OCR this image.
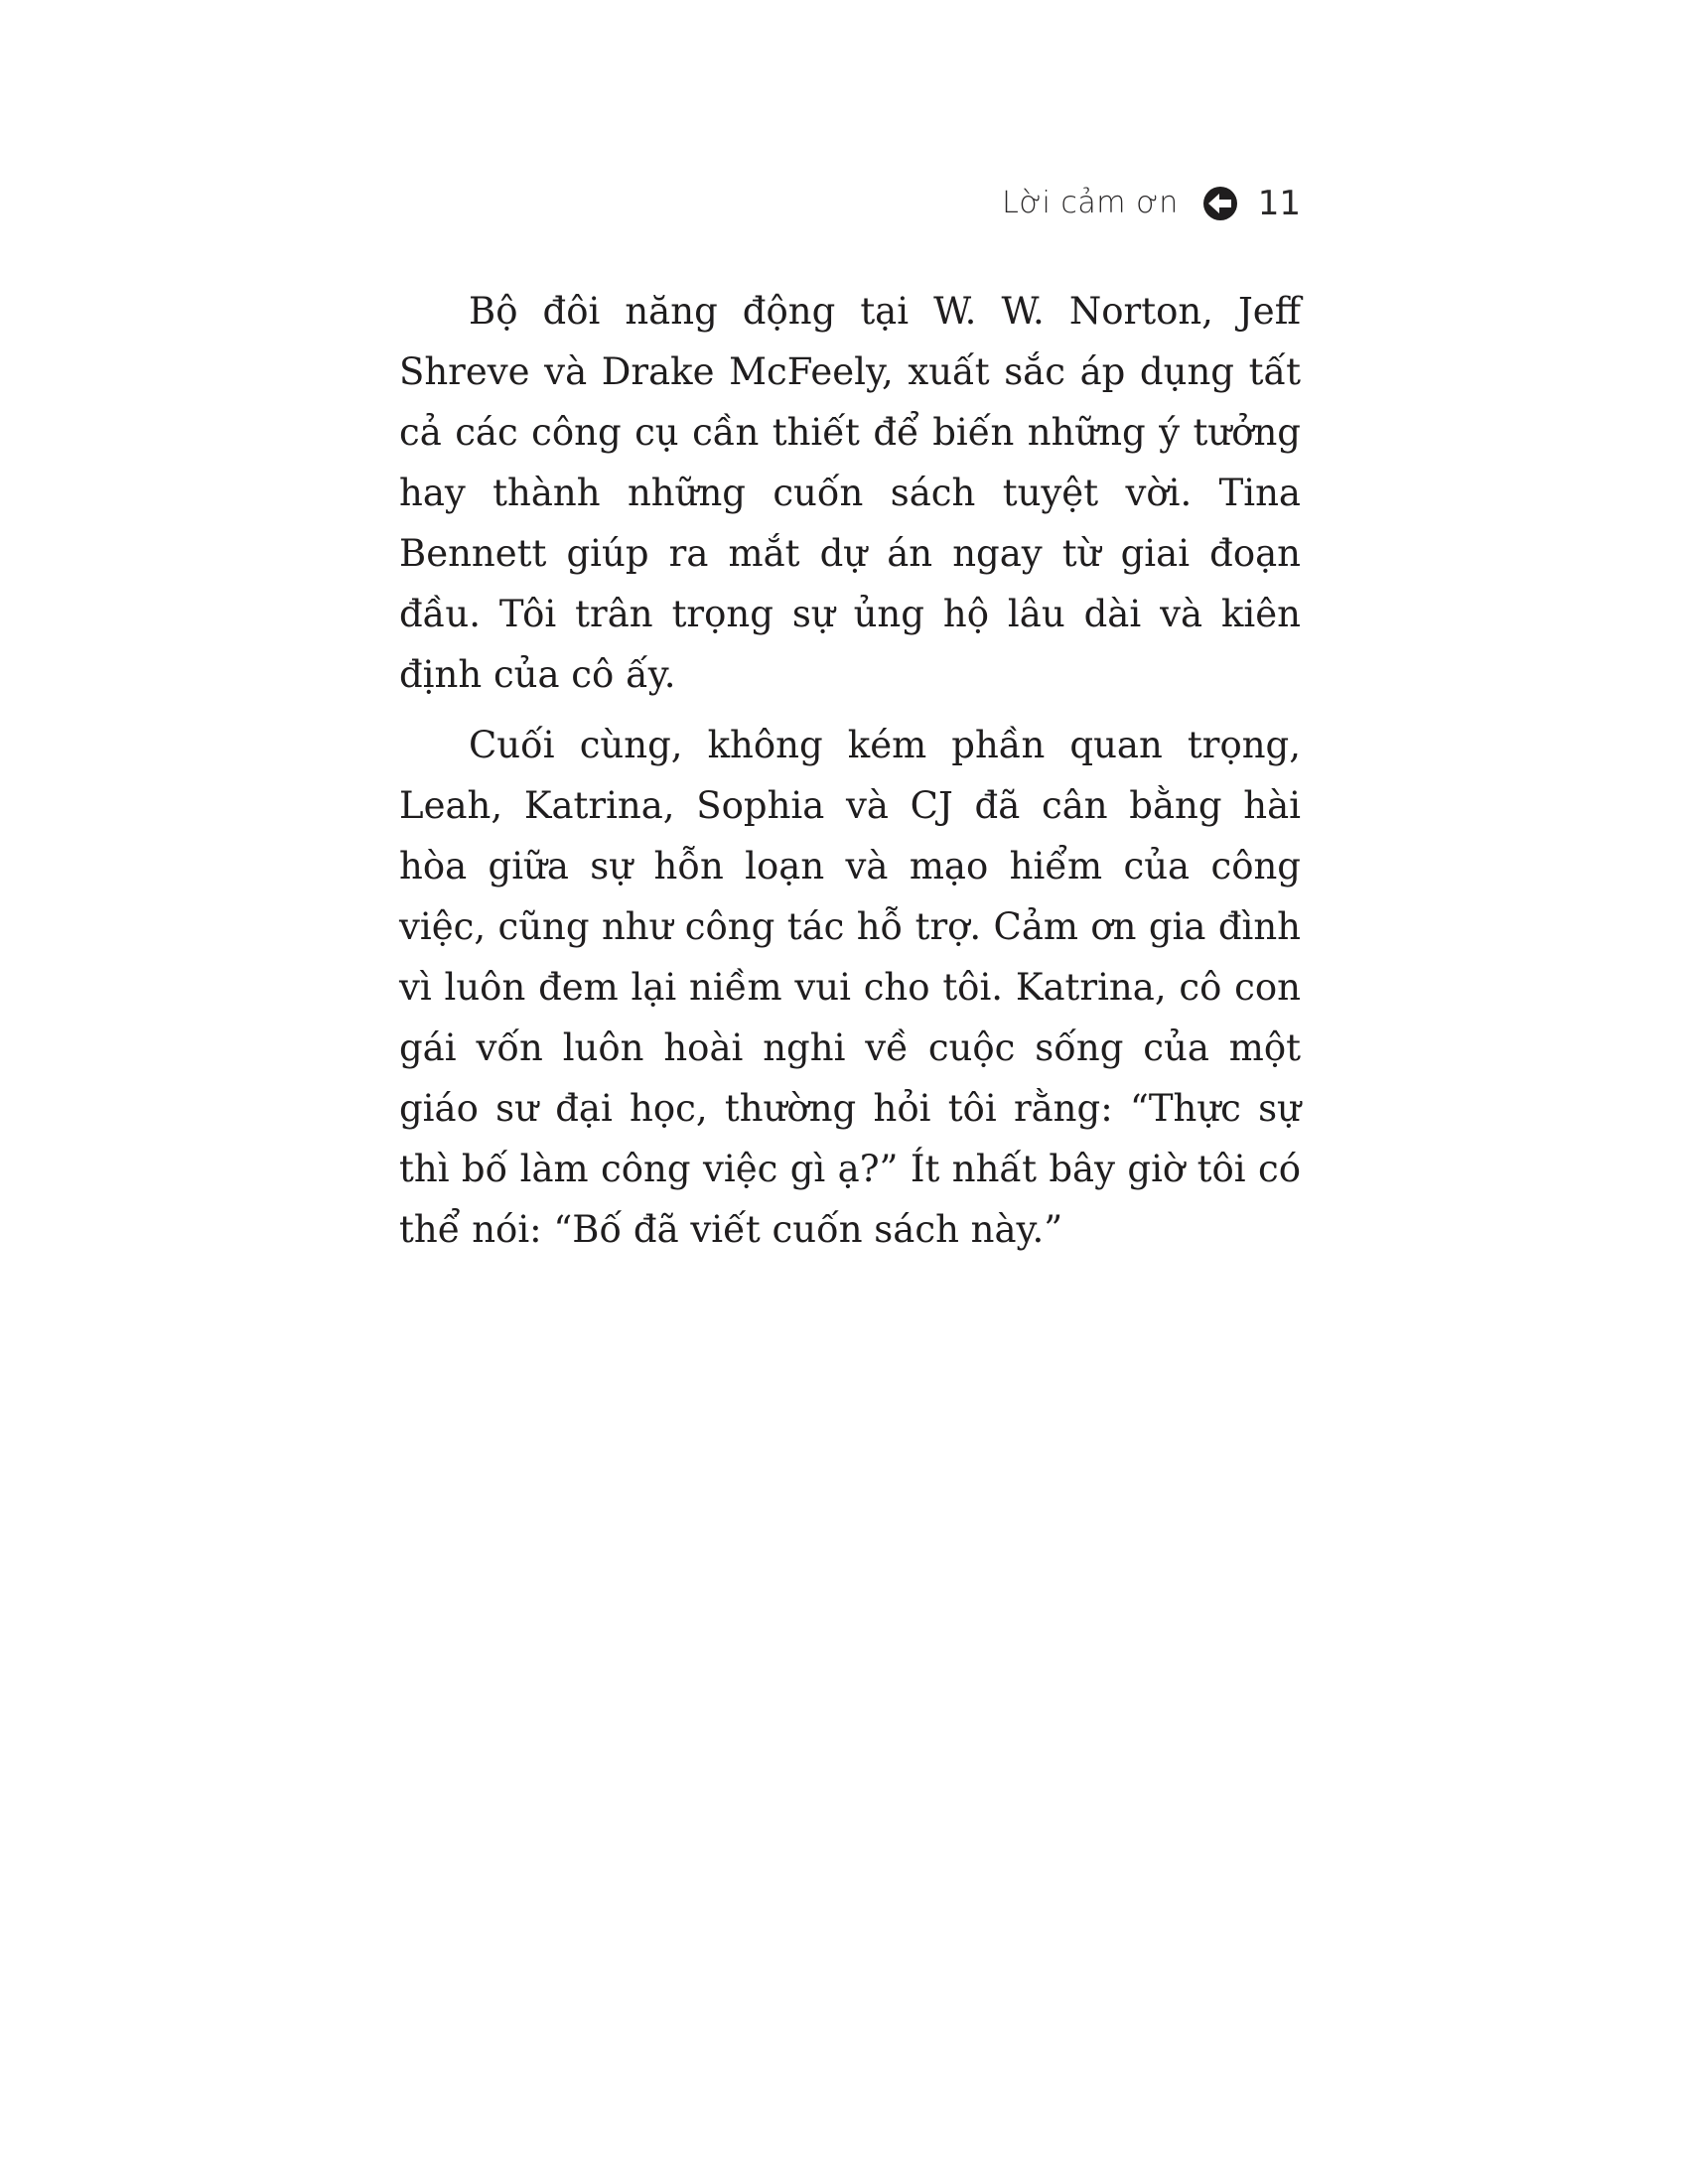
Lời cảm ơn 11

Bộ đôi năng động tại W. W. Norton, Jeff Shreve và Drake McFeely, xuất sắc áp dụng tất cả các công cụ cần thiết để biến những ý tưởng hay thành những cuốn sách tuyệt vời. Tina Bennett giúp ra mắt dự án ngay từ giai đoạn đầu. Tôi trân trọng sự ủng hộ lâu dài và kiên định của cô ấy.

Cuối cùng, không kém phần quan trọng, Leah, Katrina, Sophia và CJ đã cân bằng hài hòa giữa sự hỗn loạn và mạo hiểm của công việc, cũng như công tác hỗ trợ. Cảm ơn gia đình vì luôn đem lại niềm vui cho tôi. Katrina, cô con gái vốn luôn hoài nghi về cuộc sống của một giáo sư đại học, thường hỏi tôi rằng: “Thực sự thì bố làm công việc gì ạ?” Ít nhất bây giờ tôi có thể nói: “Bố đã viết cuốn sách này.”
